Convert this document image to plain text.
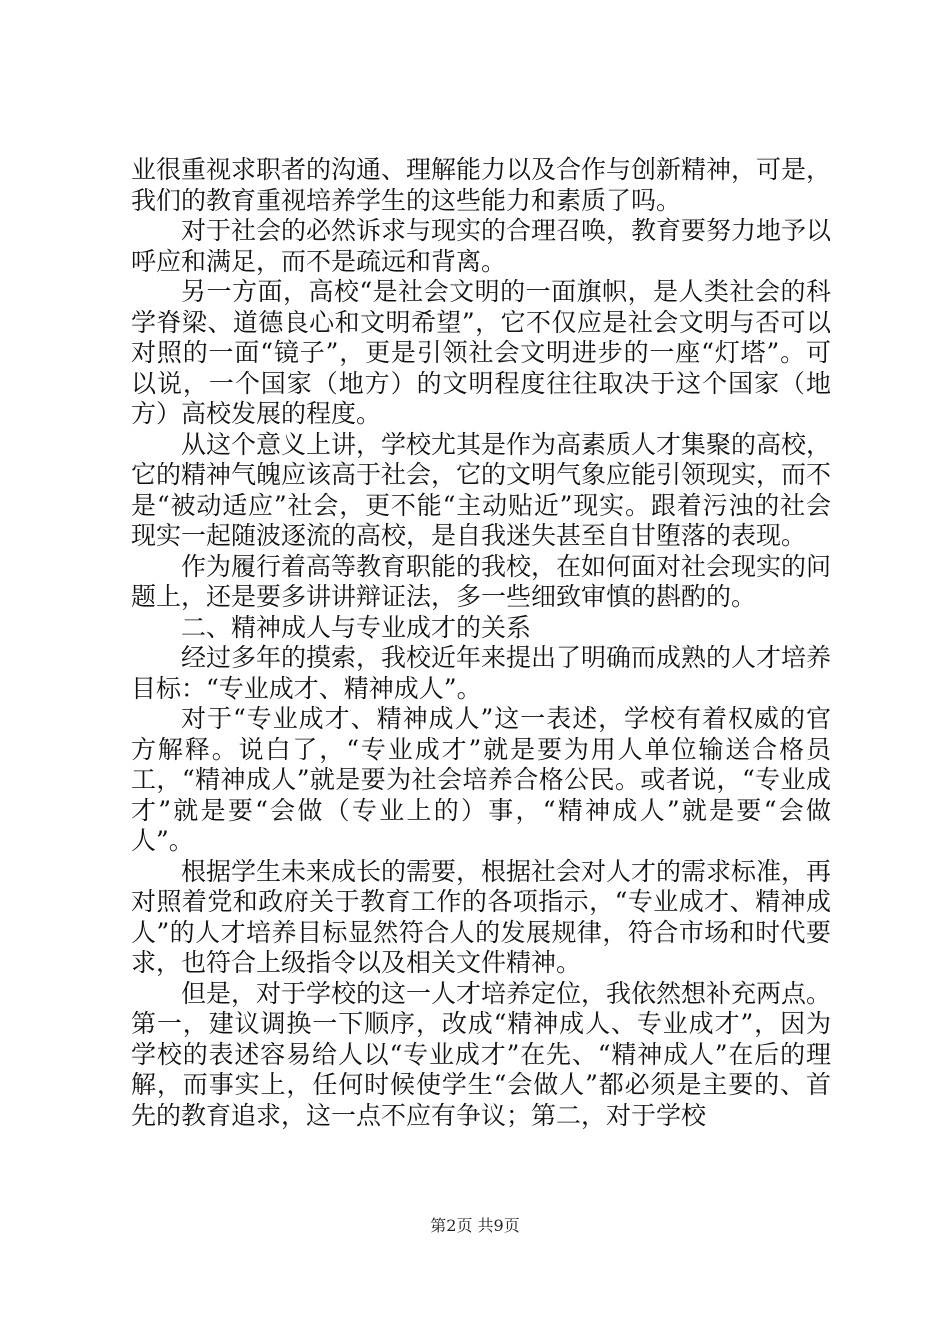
业很重视求职者的沟通、理解能力以及合作与创新精神，可是，我们的教育重视培养学生的这些能力和素质了吗。

对于社会的必然诉求与现实的合理召唤，教育要努力地予以呼应和满足，而不是疏远和背离。

另一方面，高校“是社会文明的一面旗帜，是人类社会的科学脊梁、道德良心和文明希望”，它不仅应是社会文明与否可以对照的一面“镜子”，更是引领社会文明进步的一座“灯塔”。可以说，一个国家（地方）的文明程度往往取决于这个国家（地方）高校发展的程度。

从这个意义上讲，学校尤其是作为高素质人才集聚的高校，它的精神气魄应该高于社会，它的文明气象应能引领现实，而不是“被动适应”社会，更不能“主动贴近”现实。跟着污浊的社会现实一起随波逐流的高校，是自我迷失甚至自甘堕落的表现。

作为履行着高等教育职能的我校，在如何面对社会现实的问题上，还是要多讲讲辩证法，多一些细致审慎的斟酌的。

二、精神成人与专业成才的关系

经过多年的摸索，我校近年来提出了明确而成熟的人才培养目标：“专业成才、精神成人”。

对于“专业成才、精神成人”这一表述，学校有着权威的官方解释。说白了，“专业成才”就是要为用人单位输送合格员工，“精神成人”就是要为社会培养合格公民。或者说，“专业成才”就是要“会做（专业上的）事，“精神成人”就是要“会做人”。

根据学生未来成长的需要，根据社会对人才的需求标准，再对照着党和政府关于教育工作的各项指示，“专业成才、精神成人”的人才培养目标显然符合人的发展规律，符合市场和时代要求，也符合上级指令以及相关文件精神。

但是，对于学校的这一人才培养定位，我依然想补充两点。第一，建议调换一下顺序，改成“精神成人、专业成才”，因为学校的表述容易给人以“专业成才”在先、“精神成人”在后的理解，而事实上，任何时候使学生“会做人”都必须是主要的、首先的教育追求，这一点不应有争议；第二，对于学校

第2页 共9页
